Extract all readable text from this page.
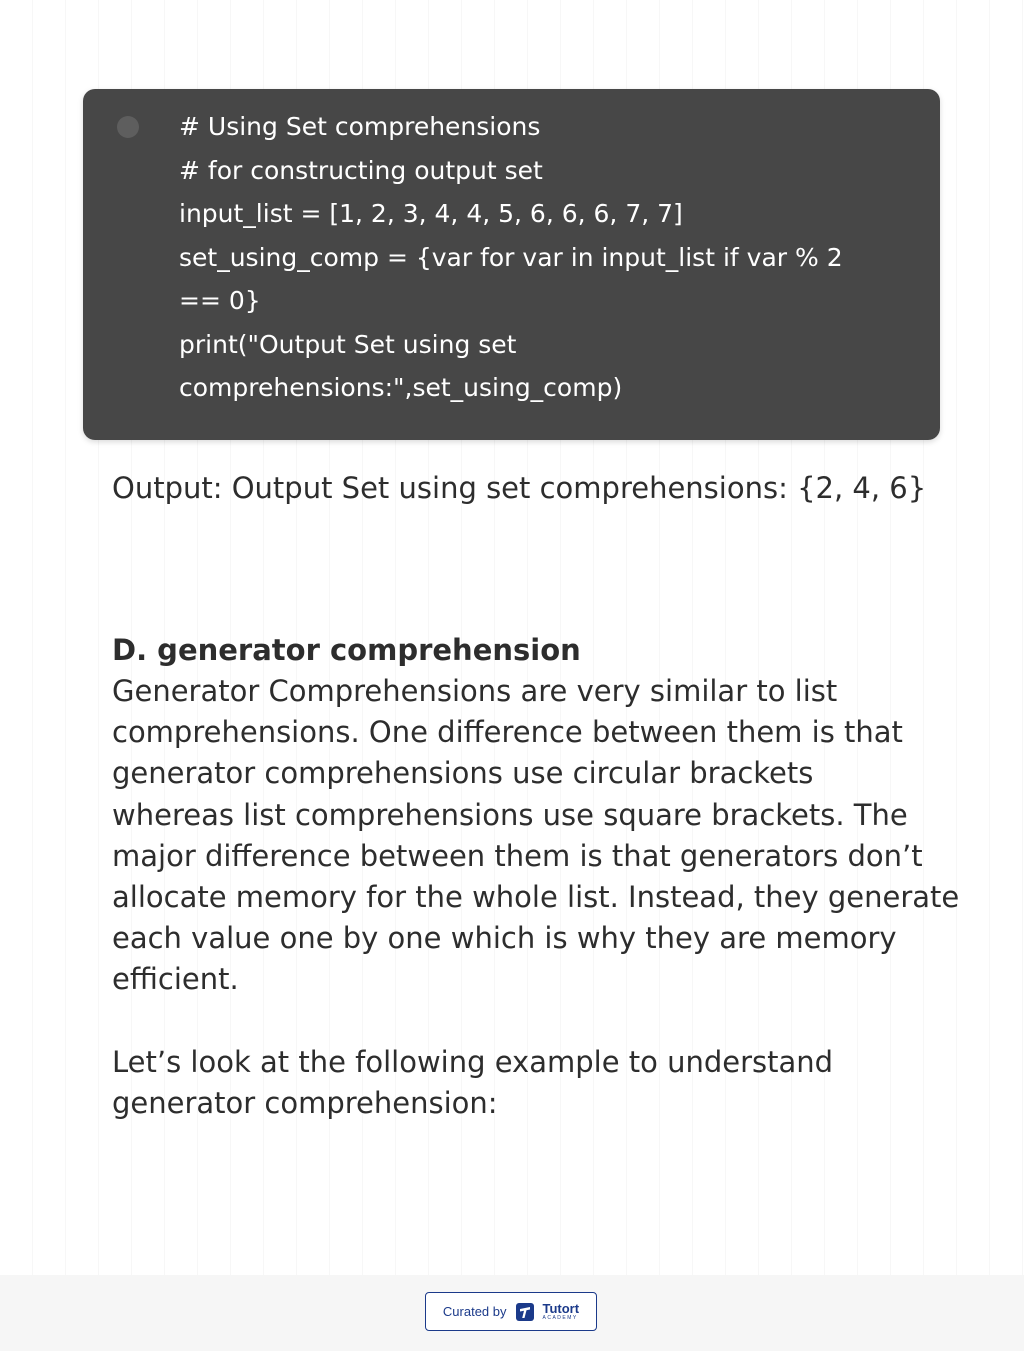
# Using Set comprehensions
# for constructing output set
input_list = [1, 2, 3, 4, 4, 5, 6, 6, 6, 7, 7]
set_using_comp = {var for var in input_list if var % 2
== 0}
print("Output Set using set
comprehensions:",set_using_comp)
Output: Output Set using set comprehensions: {2, 4, 6}
D. generator comprehension
Generator Comprehensions are very similar to list
comprehensions. One difference between them is that
generator comprehensions use circular brackets
whereas list comprehensions use square brackets. The
major difference between them is that generators don’t
allocate memory for the whole list. Instead, they generate
each value one by one which is why they are memory
efficient.
Let’s look at the following example to understand
generator comprehension:
Curated by	Tutort
ACADEMY
